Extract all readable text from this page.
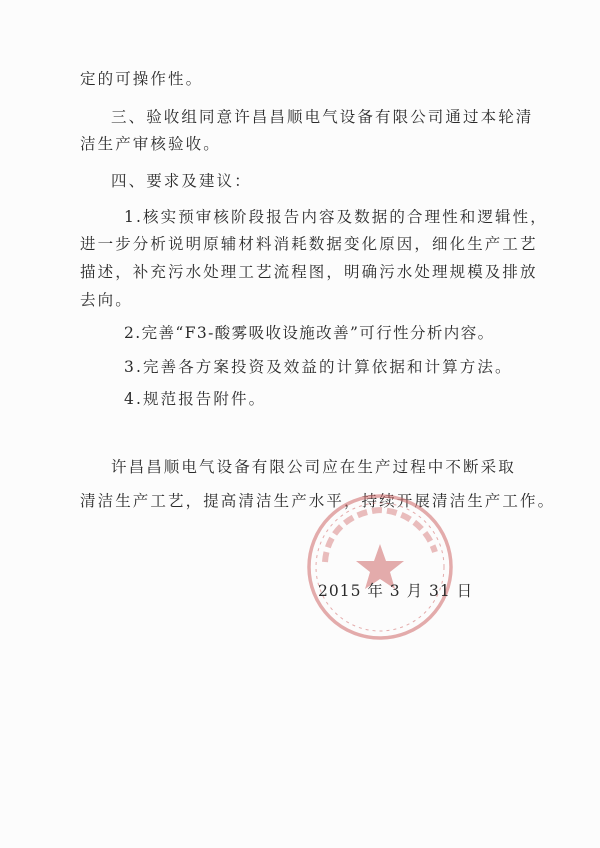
定的可操作性。
三、验收组同意许昌昌顺电气设备有限公司通过本轮清
洁生产审核验收。
四、要求及建议：
1.核实预审核阶段报告内容及数据的合理性和逻辑性，
进一步分析说明原辅材料消耗数据变化原因，细化生产工艺
描述，补充污水处理工艺流程图，明确污水处理规模及排放
去向。
2.完善“F3-酸雾吸收设施改善”可行性分析内容。
3.完善各方案投资及效益的计算依据和计算方法。
4.规范报告附件。
许昌昌顺电气设备有限公司应在生产过程中不断采取
清洁生产工艺，提高清洁生产水平，持续开展清洁生产工作。
2015 年 3 月 31 日
